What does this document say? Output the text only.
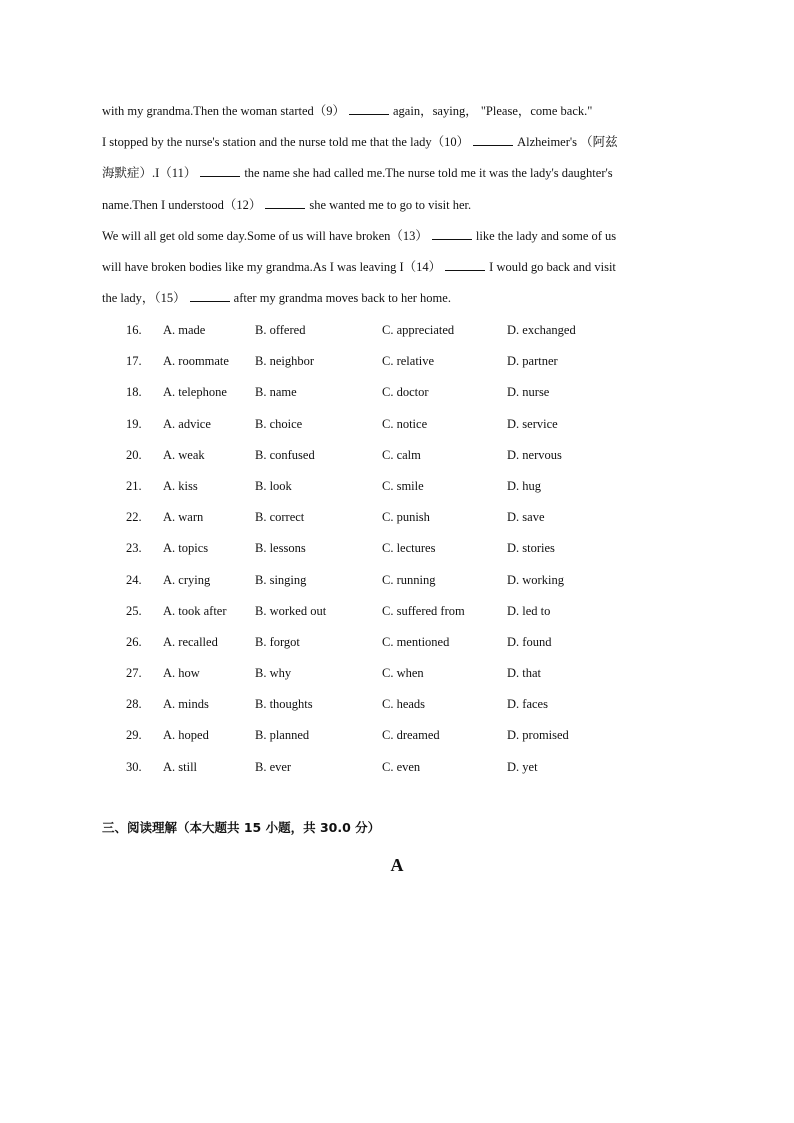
with my grandma.Then the woman started（9）	again，saying， "Please，come back."

I stopped by the nurse's station and the nurse told me that the lady（10）	Alzheimer's （阿兹

海默症）.I（11）	the name she had called me.The nurse told me it was the lady's daughter's

name.Then I understood（12）	she wanted me to go to visit her.

We will all get old some day.Some of us will have broken（13）	like the lady and some of us

will have broken bodies like my grandma.As I was leaving I（14）	I would go back and visit

the lady，（15）	after my grandma moves back to her home.

16. A. made	B. offered	C. appreciated	D. exchanged
17. A. roommate B. neighbor	C. relative	D. partner
18. A. telephone B. name	C. doctor	D. nurse
19. A. advice	B. choice	C. notice	D. service
20. A. weak	B. confused	C. calm	D. nervous
21. A. kiss	B. look	C. smile	D. hug
22. A. warn	B. correct	C. punish	D. save
23. A. topics	B. lessons	C. lectures	D. stories
24. A. crying	B. singing	C. running	D. working
25. A. took after B. worked out	C. suffered from	D. led to
26. A. recalled	B. forgot	C. mentioned	D. found
27. A. how	B. why	C. when	D. that
28. A. minds	B. thoughts	C. heads	D. faces
29. A. hoped	B. planned	C. dreamed	D. promised
30. A. still	B. ever	C. even	D. yet
三、阅读理解（本大题共 15 小题，共 30.0 分）
A
